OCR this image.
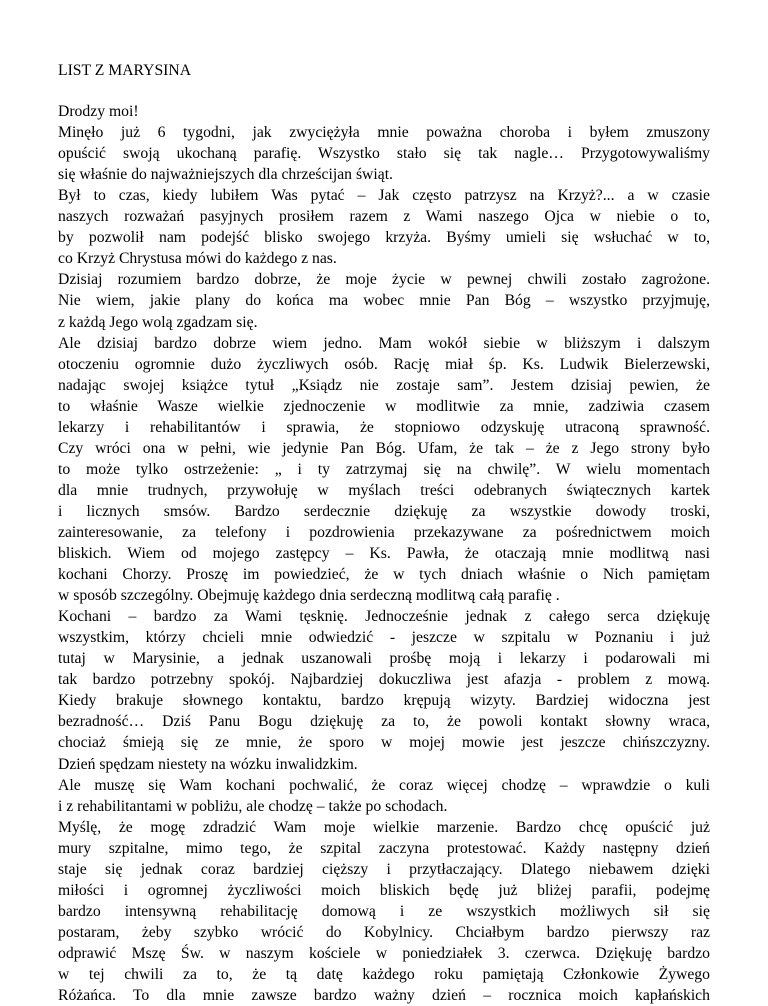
LIST Z MARYSINA
Drodzy moi!
Minęło już 6 tygodni, jak zwyciężyła mnie poważna choroba i byłem zmuszony
opuścić swoją ukochaną parafię. Wszystko stało się tak nagle… Przygotowywaliśmy
się właśnie do najważniejszych dla chrześcijan świąt.
Był to czas, kiedy lubiłem Was pytać – Jak często patrzysz na Krzyż?... a w czasie
naszych rozważań pasyjnych prosiłem razem z Wami naszego Ojca w niebie o to,
by pozwolił nam podejść blisko swojego krzyża. Byśmy umieli się wsłuchać w to,
co Krzyż Chrystusa mówi do każdego z nas.
Dzisiaj rozumiem bardzo dobrze, że moje życie w pewnej chwili zostało zagrożone.
Nie wiem, jakie plany do końca ma wobec mnie Pan Bóg – wszystko przyjmuję,
z każdą Jego wolą zgadzam się.
Ale dzisiaj bardzo dobrze wiem jedno. Mam wokół siebie w bliższym i dalszym
otoczeniu ogromnie dużo życzliwych osób. Rację miał śp. Ks. Ludwik Bielerzewski,
nadając swojej książce tytuł „Ksiądz nie zostaje sam”. Jestem dzisiaj pewien, że
to właśnie Wasze wielkie zjednoczenie w modlitwie za mnie, zadziwia czasem
lekarzy i rehabilitantów i sprawia, że stopniowo odzyskuję utraconą sprawność.
Czy wróci ona w pełni, wie jedynie Pan Bóg. Ufam, że tak – że z Jego strony było
to może tylko ostrzeżenie: „ i ty zatrzymaj się na chwilę”. W wielu momentach
dla mnie trudnych, przywołuję w myślach treści odebranych świątecznych kartek
i licznych smsów. Bardzo serdecznie dziękuję za wszystkie dowody troski,
zainteresowanie, za telefony i pozdrowienia przekazywane za pośrednictwem moich
bliskich. Wiem od mojego zastępcy – Ks. Pawła, że otaczają mnie modlitwą nasi
kochani Chorzy. Proszę im powiedzieć, że w tych dniach właśnie o Nich pamiętam
w sposób szczególny. Obejmuję każdego dnia serdeczną modlitwą całą parafię .
Kochani – bardzo za Wami tęsknię. Jednocześnie jednak z całego serca dziękuję
wszystkim, którzy chcieli mnie odwiedzić - jeszcze w szpitalu w Poznaniu i już
tutaj w Marysinie, a jednak uszanowali prośbę moją i lekarzy i podarowali mi
tak bardzo potrzebny spokój. Najbardziej dokuczliwa jest afazja - problem z mową.
Kiedy brakuje słownego kontaktu, bardzo krępują wizyty. Bardziej widoczna jest
bezradność… Dziś Panu Bogu dziękuję za to, że powoli kontakt słowny wraca,
chociaż śmieją się ze mnie, że sporo w mojej mowie jest jeszcze chińszczyzny.
Dzień spędzam niestety na wózku inwalidzkim.
Ale muszę się Wam kochani pochwalić, że coraz więcej chodzę – wprawdzie o kuli
i z rehabilitantami w pobliżu, ale chodzę – także po schodach.
Myślę, że mogę zdradzić Wam moje wielkie marzenie. Bardzo chcę opuścić już
mury szpitalne, mimo tego, że szpital zaczyna protestować. Każdy następny dzień
staje się jednak coraz bardziej cięższy i przytłaczający. Dlatego niebawem dzięki
miłości i ogromnej życzliwości moich bliskich będę już bliżej parafii, podejmę
bardzo intensywną rehabilitację domową i ze wszystkich możliwych sił się
postaram, żeby szybko wrócić do Kobylnicy. Chciałbym bardzo pierwszy raz
odprawić Mszę Św. w naszym kościele w poniedziałek 3. czerwca. Dziękuję bardzo
w tej chwili za to, że tą datę każdego roku pamiętają Członkowie Żywego
Różańca. To dla mnie zawsze bardzo ważny dzień – rocznica moich kapłańskich
